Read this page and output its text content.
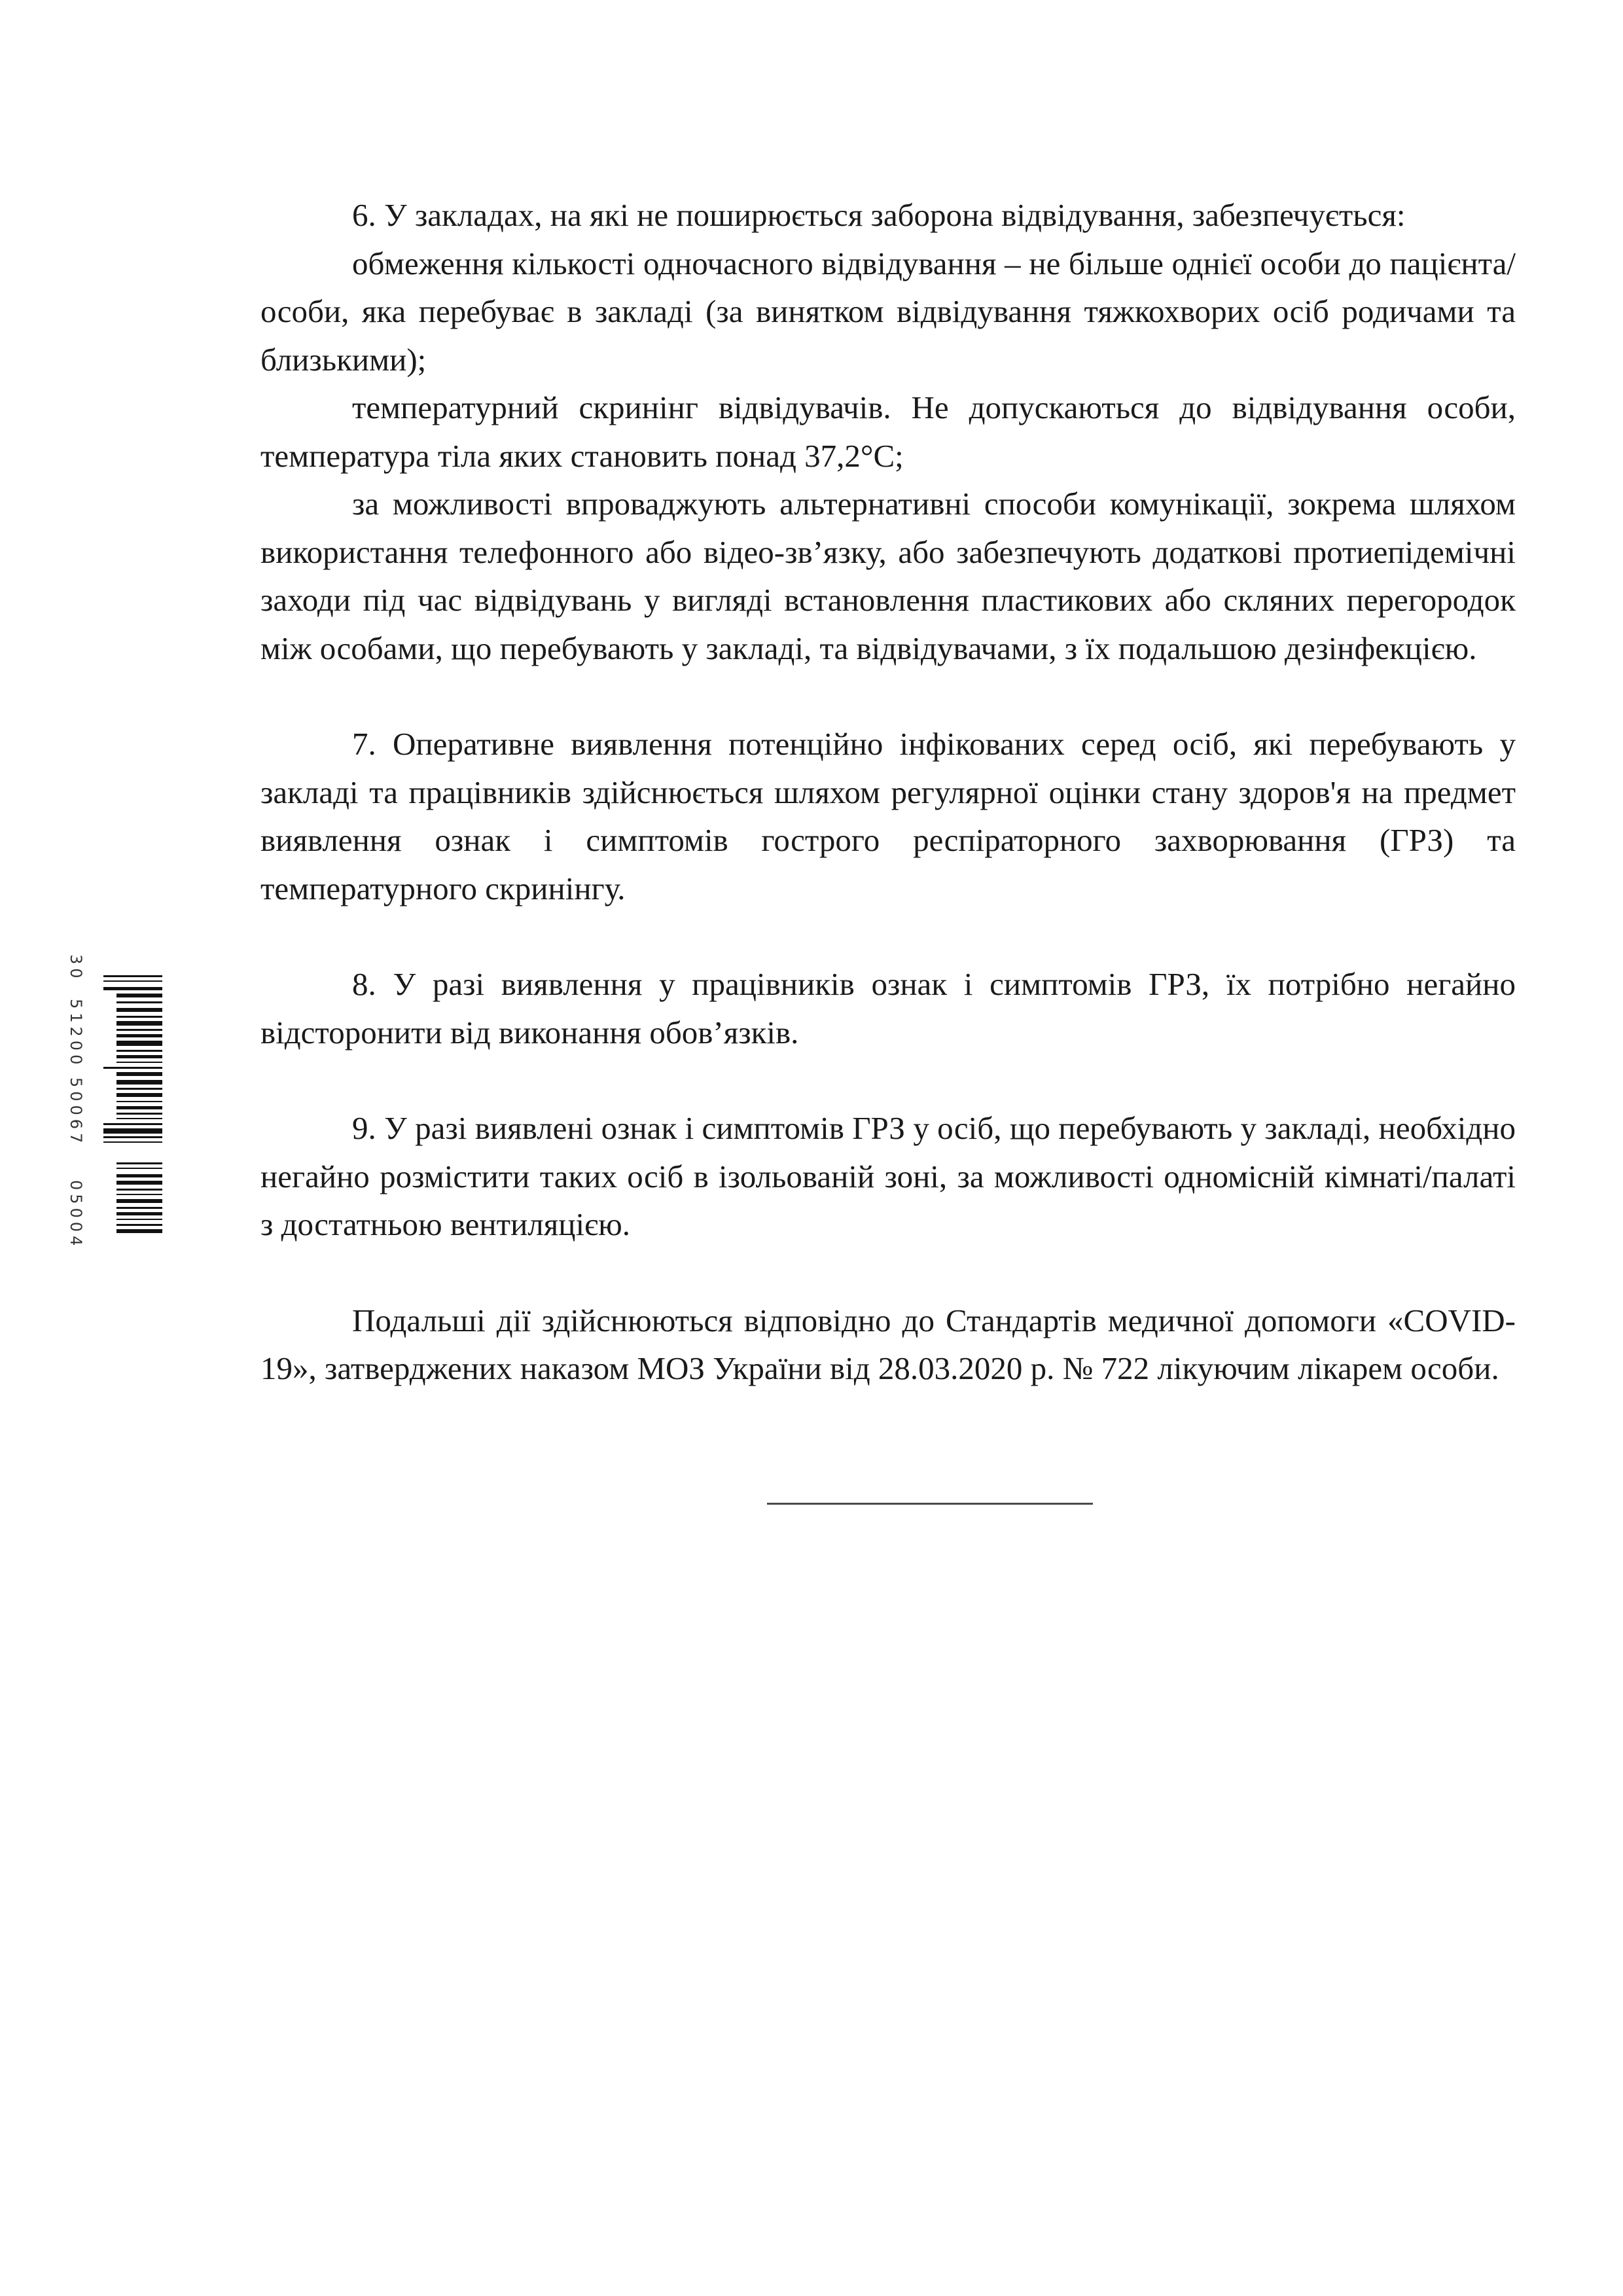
6. У закладах, на які не поширюється заборона відвідування, забезпечується:

обмеження кількості одночасного відвідування – не більше однієї особи до пацієнта/особи, яка перебуває в закладі (за винятком відвідування тяжкохворих осіб родичами та близькими);

температурний скринінг відвідувачів. Не допускаються до відвідування особи, температура тіла яких становить понад 37,2°С;

за можливості впроваджують альтернативні способи комунікації, зокрема шляхом використання телефонного або відео-зв’язку, або забезпечують додаткові протиепідемічні заходи під час відвідувань у вигляді встановлення пластикових або скляних перегородок між особами, що перебувають у закладі, та відвідувачами, з їх подальшою дезінфекцією.

7. Оперативне виявлення потенційно інфікованих серед осіб, які перебувають у закладі та працівників здійснюється шляхом регулярної оцінки стану здоров'я на предмет виявлення ознак і симптомів гострого респіраторного захворювання (ГРЗ) та температурного скринінгу.

8. У разі виявлення у працівників ознак і симптомів ГРЗ, їх потрібно негайно відсторонити від виконання обов’язків.

9. У разі виявлені ознак і симптомів ГРЗ у осіб, що перебувають у закладі, необхідно негайно розмістити таких осіб в ізольованій зоні, за можливості одномісній кімнаті/палаті з достатньою вентиляцією.

Подальші дії здійснюються відповідно до Стандартів медичної допомоги «COVID-19», затверджених наказом МОЗ України від 28.03.2020 р. № 722 лікуючим лікарем особи.

30
51200 50067
05004
